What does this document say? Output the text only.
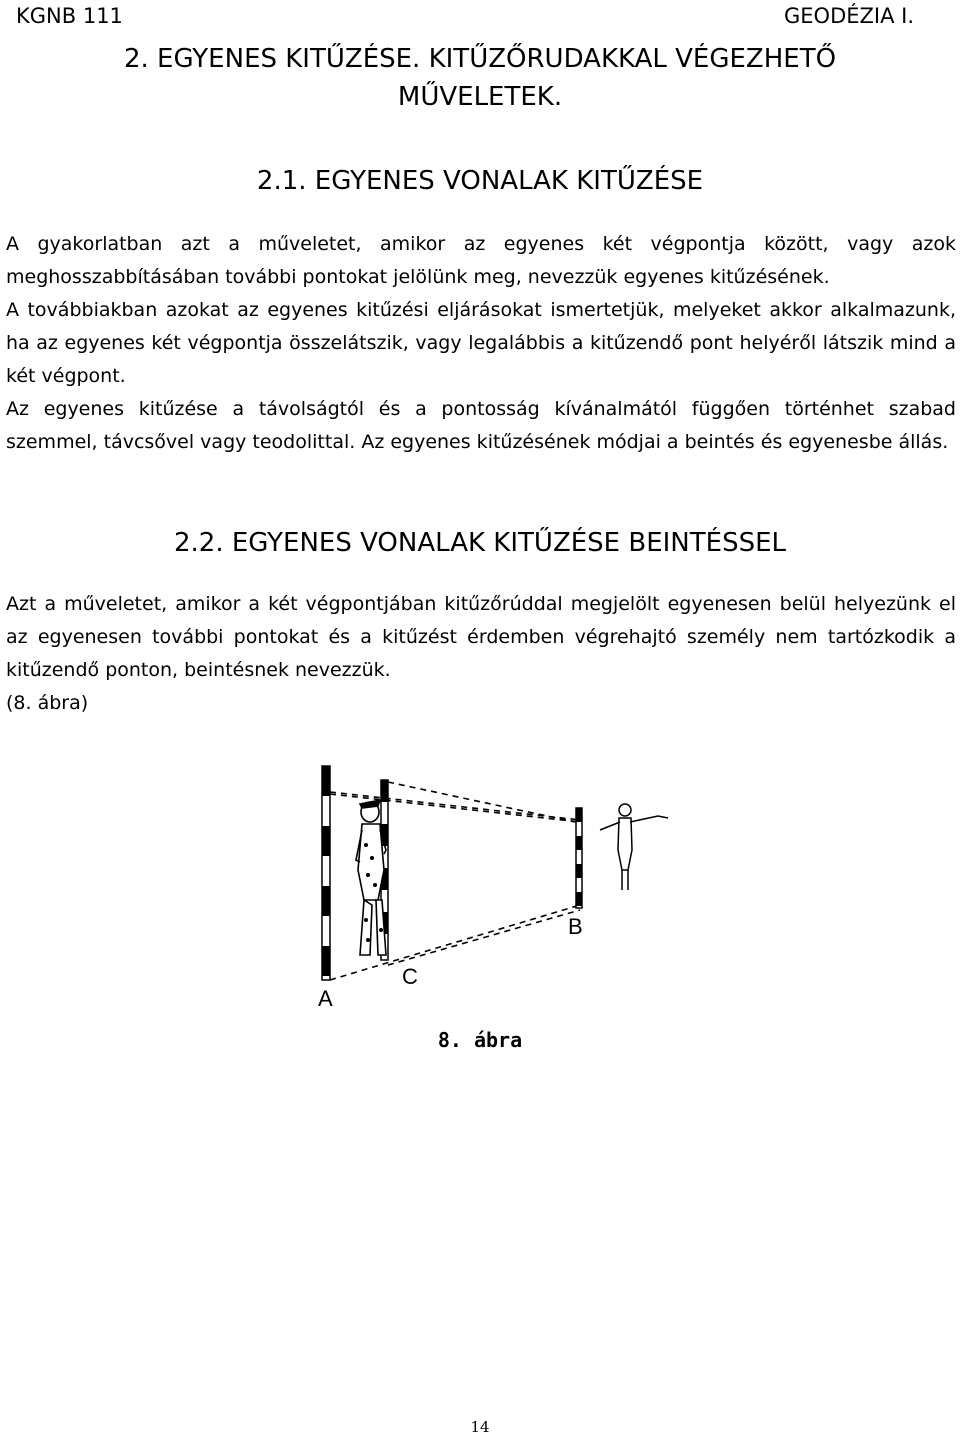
KGNB 111	GEODÉZIA I.
2. EGYENES KITŰZÉSE. KITŰZŐRUDAKKAL VÉGEZHETŐ MŰVELETEK.
2.1. EGYENES VONALAK KITŰZÉSE
A gyakorlatban azt a műveletet, amikor az egyenes két végpontja között, vagy azok meghosszabbításában további pontokat jelölünk meg, nevezzük egyenes kitűzésének.
A továbbiakban azokat az egyenes kitűzési eljárásokat ismertetjük, melyeket akkor alkalmazunk, ha az egyenes két végpontja összelátszik, vagy legalábbis a kitűzendő pont helyéről látszik mind a két végpont.
Az egyenes kitűzése a távolságtól és a pontosság kívánalmától függően történhet szabad szemmel, távcsővel vagy teodolittal. Az egyenes kitűzésének módjai a beintés és egyenesbe állás.
2.2. EGYENES VONALAK KITŰZÉSE BEINTÉSSEL
Azt a műveletet, amikor a két végpontjában kitűzőrúddal megjelölt egyenesen belül helyezünk el az egyenesen további pontokat és a kitűzést érdemben végrehajtó személy nem tartózkodik a kitűzendő ponton, beintésnek nevezzük.
(8. ábra)
A
C
B
8. ábra
14
